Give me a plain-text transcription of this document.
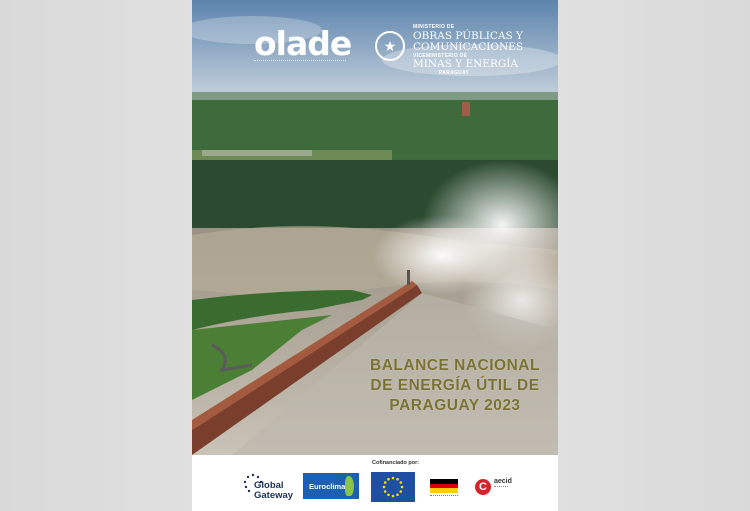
olade	★
MINISTERIO DE
OBRAS PÚBLICAS Y
COMUNICACIONES
VICEMINISTERIO DE
MINAS Y ENERGÍA
PARAGUAY
BALANCE NACIONAL
DE ENERGÍA ÚTIL DE
PARAGUAY 2023
Cofinanciado por:
Global
Gateway
Euroclima	C	aecid
